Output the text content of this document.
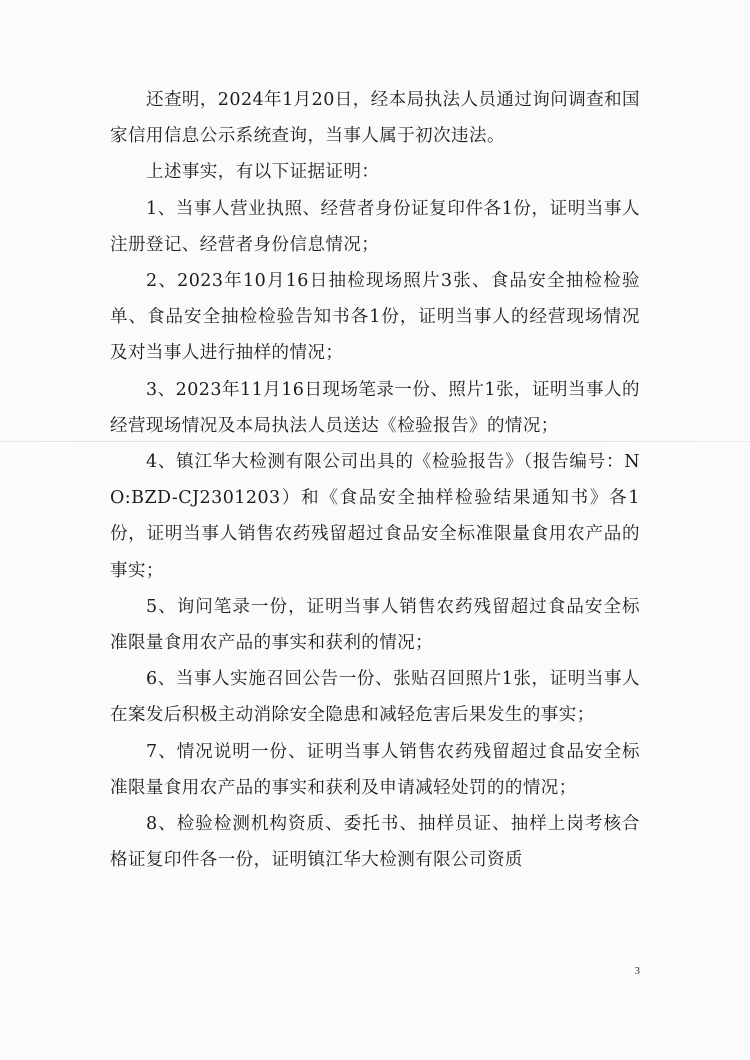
还查明，2024年1月20日，经本局执法人员通过询问调查和国家信用信息公示系统查询，当事人属于初次违法。

上述事实，有以下证据证明：

1、当事人营业执照、经营者身份证复印件各1份，证明当事人注册登记、经营者身份信息情况；

2、2023年10月16日抽检现场照片3张、食品安全抽检检验单、食品安全抽检检验告知书各1份，证明当事人的经营现场情况及对当事人进行抽样的情况；

3、2023年11月16日现场笔录一份、照片1张，证明当事人的经营现场情况及本局执法人员送达《检验报告》的情况；

4、镇江华大检测有限公司出具的《检验报告》（报告编号：NO:BZD-CJ2301203）和《食品安全抽样检验结果通知书》各1份，证明当事人销售农药残留超过食品安全标准限量食用农产品的事实；

5、询问笔录一份，证明当事人销售农药残留超过食品安全标准限量食用农产品的事实和获利的情况；

6、当事人实施召回公告一份、张贴召回照片1张，证明当事人在案发后积极主动消除安全隐患和减轻危害后果发生的事实；

7、情况说明一份、证明当事人销售农药残留超过食品安全标准限量食用农产品的事实和获利及申请减轻处罚的的情况；

8、检验检测机构资质、委托书、抽样员证、抽样上岗考核合格证复印件各一份，证明镇江华大检测有限公司资质

3
